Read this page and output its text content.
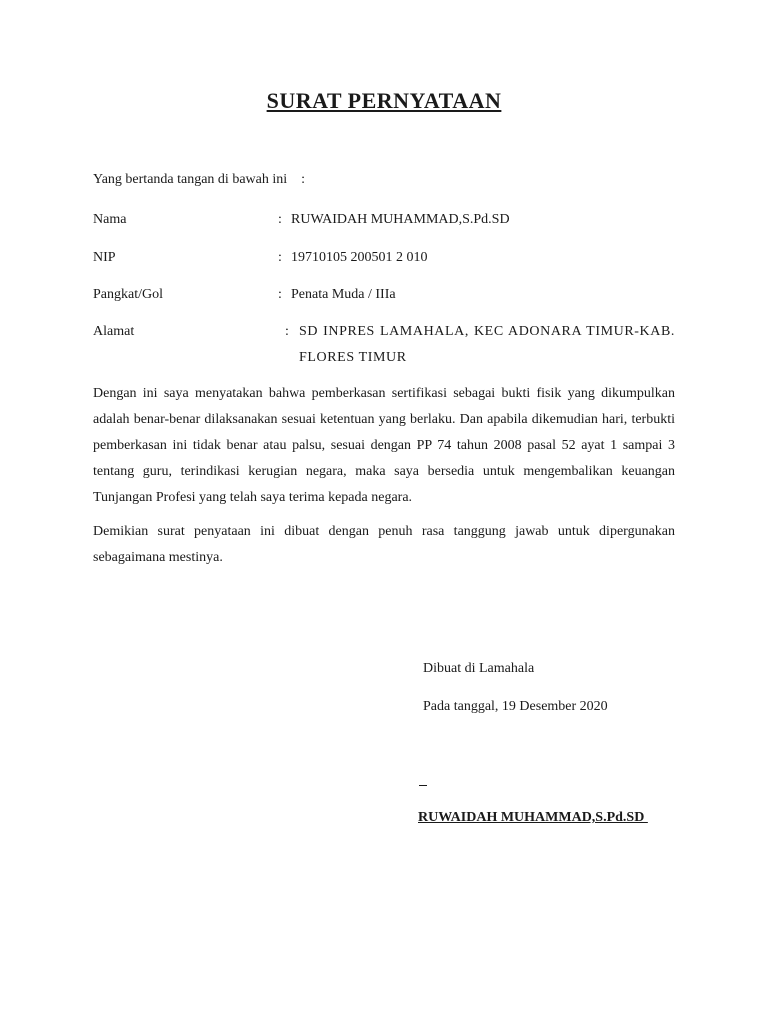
SURAT PERNYATAAN
Yang bertanda tangan di bawah ini :
Nama	: RUWAIDAH MUHAMMAD,S.Pd.SD
NIP	: 19710105 200501 2 010
Pangkat/Gol	: Penata Muda / IIIa
Alamat	: SD INPRES LAMAHALA, KEC ADONARA TIMUR-KAB. FLORES TIMUR
Dengan ini saya menyatakan bahwa pemberkasan sertifikasi sebagai bukti fisik yang dikumpulkan adalah benar-benar dilaksanakan sesuai ketentuan yang berlaku. Dan apabila dikemudian hari, terbukti pemberkasan ini tidak benar atau palsu, sesuai dengan PP 74 tahun 2008 pasal 52 ayat 1 sampai 3 tentang guru, terindikasi kerugian negara, maka saya bersedia untuk mengembalikan keuangan Tunjangan Profesi yang telah saya terima kepada negara.
Demikian surat penyataan ini dibuat dengan penuh rasa tanggung jawab untuk dipergunakan sebagaimana mestinya.
Dibuat di Lamahala
Pada tanggal, 19 Desember 2020
RUWAIDAH MUHAMMAD,S.Pd.SD
